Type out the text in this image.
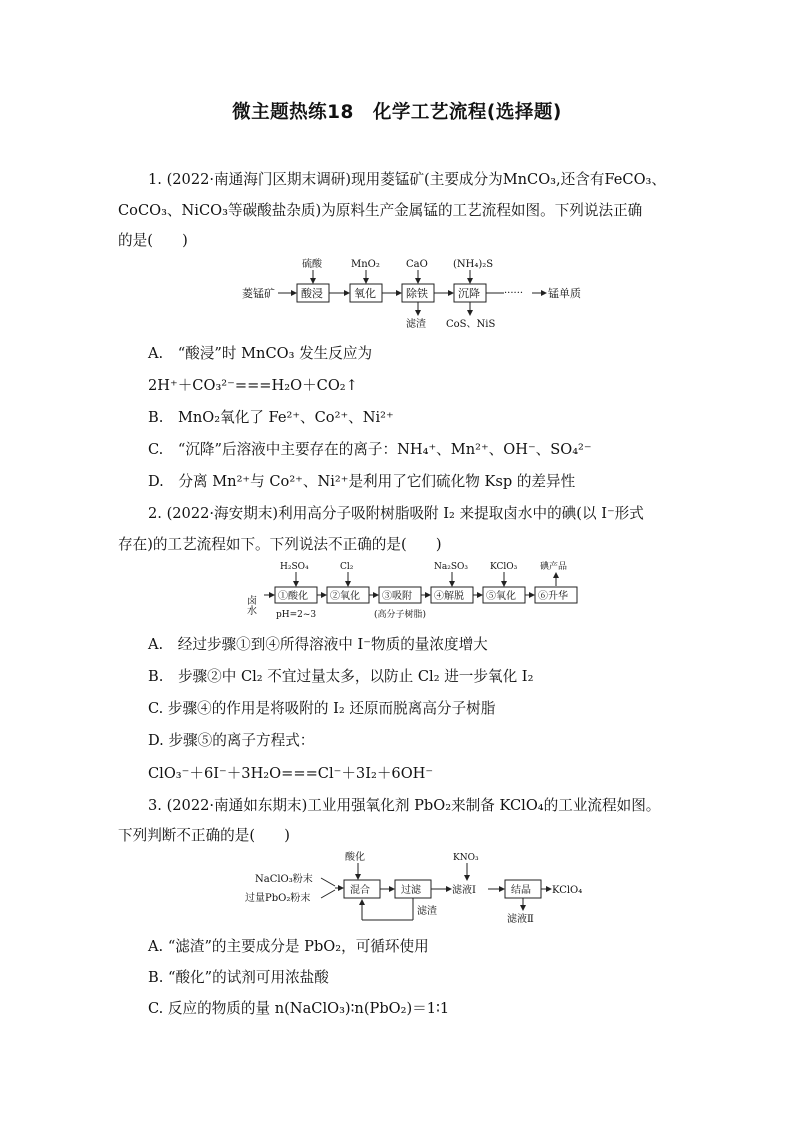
微主题热练18　化学工艺流程(选择题)
1. (2022·南通海门区期末调研)现用菱锰矿(主要成分为MnCO₃,还含有FeCO₃、
CoCO₃、NiCO₃等碳酸盐杂质)为原料生产金属锰的工艺流程如图。下列说法正确
的是(　　)
菱锰矿 酸浸	氧化	除铁	沉降 ······ 锰单质
硫酸	MnO₂	CaO	(NH₄)₂S
滤渣 CoS、NiS
A.　“酸浸”时 MnCO₃ 发生反应为
2H⁺＋CO₃²⁻===H₂O＋CO₂↑
B.　MnO₂氧化了 Fe²⁺、Co²⁺、Ni²⁺
C.　“沉降”后溶液中主要存在的离子：NH₄⁺、Mn²⁺、OH⁻、SO₄²⁻
D.　分离 Mn²⁺与 Co²⁺、Ni²⁺是利用了它们硫化物 Ksp 的差异性
2. (2022·海安期末)利用高分子吸附树脂吸附 I₂ 来提取卤水中的碘(以 I⁻形式
存在)的工艺流程如下。下列说法不正确的是(　　)
卤水 ①酸化 ②氧化 ③吸附 ④解脱 ⑤氧化 ⑥升华
H₂SO₄	Cl₂	Na₂SO₃ KClO₃	碘产品
pH=2~3	(高分子树脂)
A.　经过步骤①到④所得溶液中 I⁻物质的量浓度增大
B.　步骤②中 Cl₂ 不宜过量太多，以防止 Cl₂ 进一步氧化 I₂
C. 步骤④的作用是将吸附的 I₂ 还原而脱离高分子树脂
D. 步骤⑤的离子方程式：
ClO₃⁻＋6I⁻＋3H₂O===Cl⁻＋3I₂＋6OH⁻
3. (2022·南通如东期末)工业用强氧化剂 PbO₂来制备 KClO₄的工业流程如图。
下列判断不正确的是(　　)
NaClO₃粉末
过量PbO₂粉末
酸化
混合	过滤	滤液Ⅰ
KNO₃
结晶 KClO₄
滤液Ⅱ
滤渣
A. “滤渣”的主要成分是 PbO₂，可循环使用
B. “酸化”的试剂可用浓盐酸
C. 反应的物质的量 n(NaClO₃)∶n(PbO₂)＝1∶1
